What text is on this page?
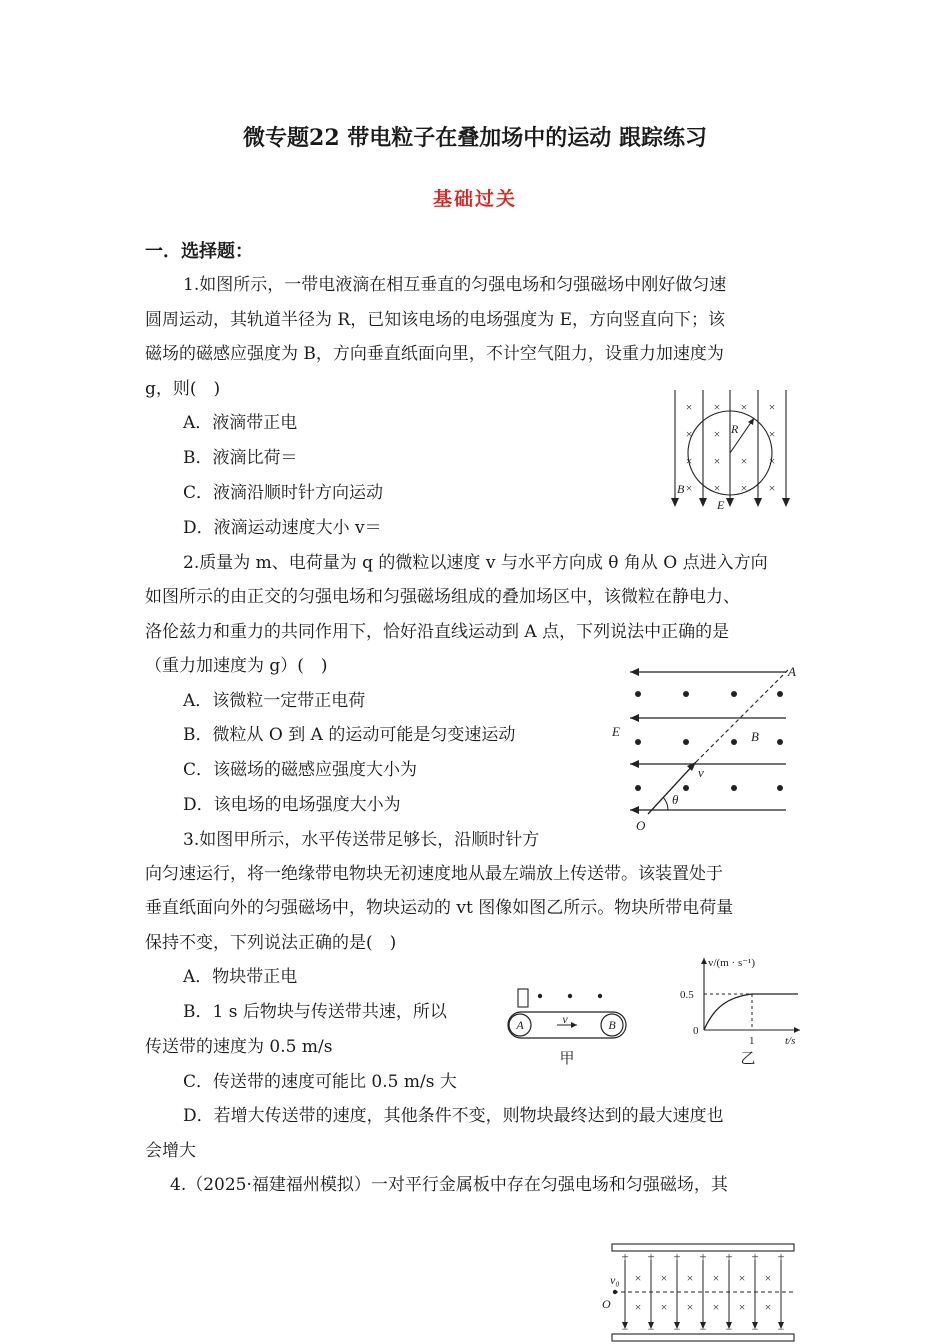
微专题22 带电粒子在叠加场中的运动 跟踪练习
基础过关
一．选择题：
1.如图所示，一带电液滴在相互垂直的匀强电场和匀强磁场中刚好做匀速
圆周运动，其轨道半径为 R，已知该电场的电场强度为 E，方向竖直向下；该
磁场的磁感应强度为 B，方向垂直纸面向里，不计空气阻力，设重力加速度为
g，则(　)
A．液滴带正电
B．液滴比荷＝
C．液滴沿顺时针方向运动
D．液滴运动速度大小 v＝
× × × ×
× ×	×
× × × ×
× × × ×
R
B
E
2.质量为 m、电荷量为 q 的微粒以速度 v 与水平方向成 θ 角从 O 点进入方向
如图所示的由正交的匀强电场和匀强磁场组成的叠加场区中，该微粒在静电力、
洛伦兹力和重力的共同作用下，恰好沿直线运动到 A 点，下列说法中正确的是
（重力加速度为 g）(　)
A．该微粒一定带正电荷
B．微粒从 O 到 A 的运动可能是匀变速运动
C．该磁场的磁感应强度大小为
D．该电场的电场强度大小为
A
E	B
v
θ
O
3.如图甲所示，水平传送带足够长，沿顺时针方
向匀速运行，将一绝缘带电物块无初速度地从最左端放上传送带。该装置处于
垂直纸面向外的匀强磁场中，物块运动的 vt 图像如图乙所示。物块所带电荷量
保持不变，下列说法正确的是(　)
A．物块带正电
B．1 s 后物块与传送带共速，所以
传送带的速度为 0.5 m/s
C．传送带的速度可能比 0.5 m/s 大
D．若增大传送带的速度，其他条件不变，则物块最终达到的最大速度也
会增大
A	B
v
甲
v/(m · s⁻¹)
0.5
0
1	t/s
乙
4.（2025·福建福州模拟）一对平行金属板中存在匀强电场和匀强磁场，其
+ + + + + + +
× × × × × ×
× × × × × ×
− − − − − − −
v₀
O
